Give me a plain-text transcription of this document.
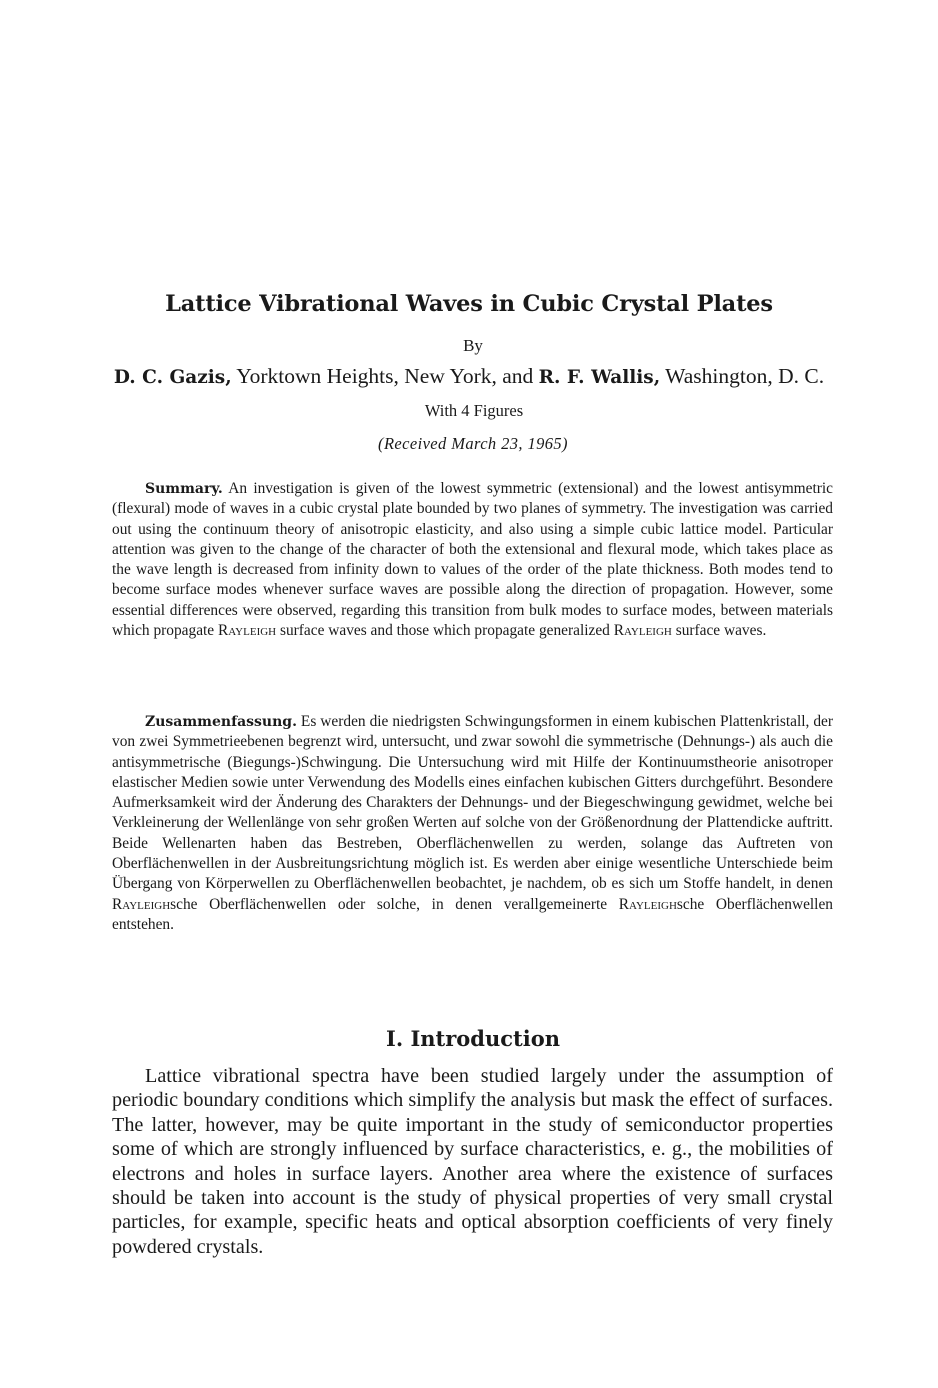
Lattice Vibrational Waves in Cubic Crystal Plates
By
D. C. Gazis, Yorktown Heights, New York, and R. F. Wallis, Washington, D. C.
With 4 Figures
(Received March 23, 1965)

Summary. An investigation is given of the lowest symmetric (extensional) and the lowest antisymmetric (flexural) mode of waves in a cubic crystal plate bounded by two planes of symmetry. The investigation was carried out using the continuum theory of anisotropic elasticity, and also using a simple cubic lattice model. Particular attention was given to the change of the character of both the extensional and flexural mode, which takes place as the wave length is decreased from infinity down to values of the order of the plate thickness. Both modes tend to become surface modes whenever surface waves are possible along the direction of propagation. However, some essential differences were observed, regarding this transition from bulk modes to surface modes, between materials which propagate Rayleigh surface waves and those which propagate generalized Rayleigh surface waves.

Zusammenfassung. Es werden die niedrigsten Schwingungsformen in einem kubischen Plattenkristall, der von zwei Symmetrieebenen begrenzt wird, untersucht, und zwar sowohl die symmetrische (Dehnungs-) als auch die antisymmetrische (Biegungs-)Schwingung. Die Untersuchung wird mit Hilfe der Kontinuumstheorie anisotroper elastischer Medien sowie unter Verwendung des Modells eines einfachen kubischen Gitters durchgeführt. Besondere Aufmerksamkeit wird der Änderung des Charakters der Dehnungs- und der Biegeschwingung gewidmet, welche bei Verkleinerung der Wellenlänge von sehr großen Werten auf solche von der Größenordnung der Plattendicke auftritt. Beide Wellenarten haben das Bestreben, Oberflächenwellen zu werden, solange das Auftreten von Oberflächenwellen in der Ausbreitungsrichtung möglich ist. Es werden aber einige wesentliche Unterschiede beim Übergang von Körperwellen zu Oberflächenwellen beobachtet, je nachdem, ob es sich um Stoffe handelt, in denen Rayleighsche Oberflächenwellen oder solche, in denen verallgemeinerte Rayleighsche Oberflächenwellen entstehen.

I. Introduction

Lattice vibrational spectra have been studied largely under the assumption of periodic boundary conditions which simplify the analysis but mask the effect of surfaces. The latter, however, may be quite important in the study of semiconductor properties some of which are strongly influenced by surface characteristics, e. g., the mobilities of electrons and holes in surface layers. Another area where the existence of surfaces should be taken into account is the study of physical properties of very small crystal particles, for example, specific heats and optical absorption coefficients of very finely powdered crystals.
